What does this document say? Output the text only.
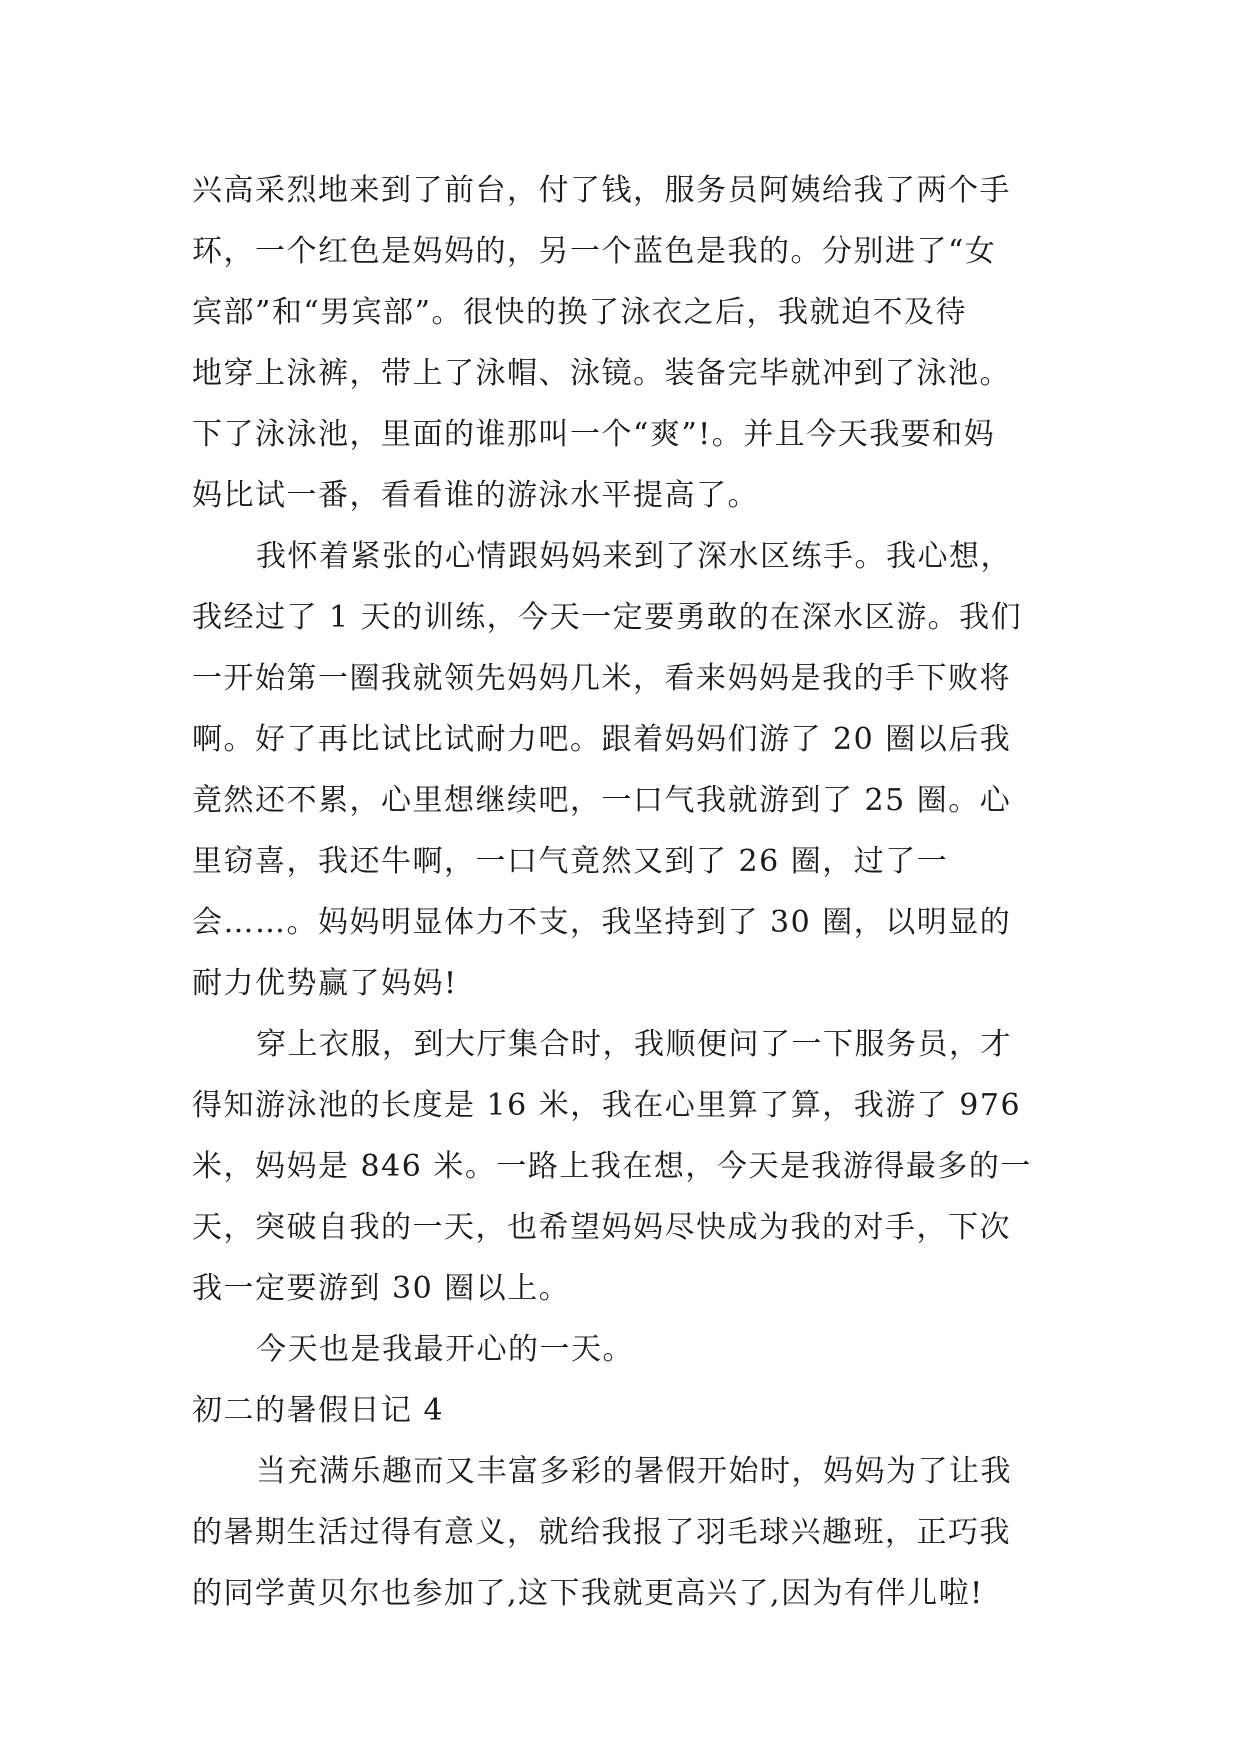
兴高采烈地来到了前台，付了钱，服务员阿姨给我了两个手
环，一个红色是妈妈的，另一个蓝色是我的。分别进了“女
宾部”和“男宾部”。很快的换了泳衣之后，我就迫不及待
地穿上泳裤，带上了泳帽、泳镜。装备完毕就冲到了泳池。
下了泳泳池，里面的谁那叫一个“爽”!。并且今天我要和妈
妈比试一番，看看谁的游泳水平提高了。
我怀着紧张的心情跟妈妈来到了深水区练手。我心想，
我经过了 1 天的训练，今天一定要勇敢的在深水区游。我们
一开始第一圈我就领先妈妈几米，看来妈妈是我的手下败将
啊。好了再比试比试耐力吧。跟着妈妈们游了 20 圈以后我
竟然还不累，心里想继续吧，一口气我就游到了 25 圈。心
里窃喜，我还牛啊，一口气竟然又到了 26 圈，过了一
会……。妈妈明显体力不支，我坚持到了 30 圈，以明显的
耐力优势赢了妈妈!
穿上衣服，到大厅集合时，我顺便问了一下服务员，才
得知游泳池的长度是 16 米，我在心里算了算，我游了 976
米，妈妈是 846 米。一路上我在想，今天是我游得最多的一
天，突破自我的一天，也希望妈妈尽快成为我的对手，下次
我一定要游到 30 圈以上。
今天也是我最开心的一天。
初二的暑假日记 4
当充满乐趣而又丰富多彩的暑假开始时，妈妈为了让我
的暑期生活过得有意义，就给我报了羽毛球兴趣班，正巧我
的同学黄贝尔也参加了,这下我就更高兴了,因为有伴儿啦!
